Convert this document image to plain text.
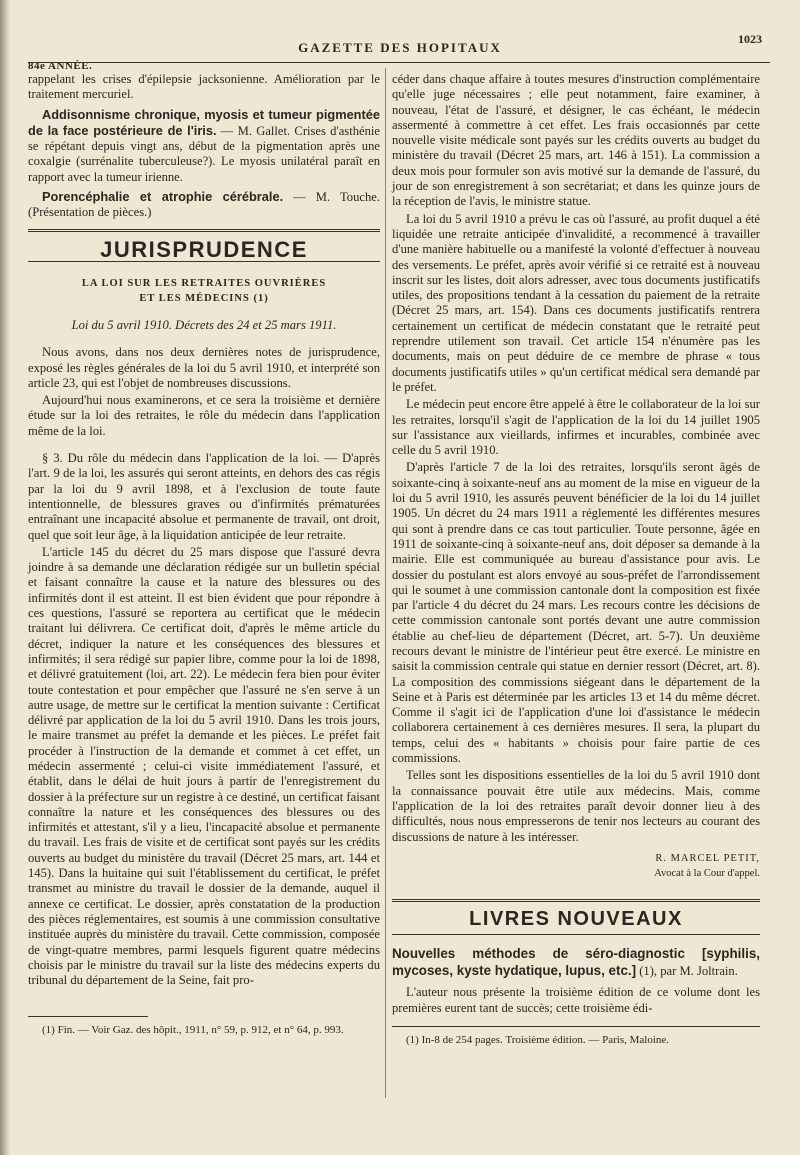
84e ANNÉE.
GAZETTE DES HOPITAUX
1023

rappelant les crises d'épilepsie jacksonienne. Amélioration par le traitement mercuriel.

Addisonnisme chronique, myosis et tumeur pigmentée de la face postérieure de l'iris. — M. Gallet. Crises d'asthénie se répétant depuis vingt ans, début de la pigmentation après une coxalgie (surrénalite tuberculeuse?). Le myosis unilatéral paraît en rapport avec la tumeur irienne.

Porencéphalie et atrophie cérébrale. — M. Touche. (Présentation de pièces.)

JURISPRUDENCE
LA LOI SUR LES RETRAITES OUVRIÈRES
ET LES MÉDECINS (1)
Loi du 5 avril 1910. Décrets des 24 et 25 mars 1911.

Nous avons, dans nos deux dernières notes de jurisprudence, exposé les règles générales de la loi du 5 avril 1910, et interprété son article 23, qui est l'objet de nombreuses discussions.

Aujourd'hui nous examinerons, et ce sera la troisième et dernière étude sur la loi des retraites, le rôle du médecin dans l'application même de la loi.

§ 3. Du rôle du médecin dans l'application de la loi. — D'après l'art. 9 de la loi, les assurés qui seront atteints, en dehors des cas régis par la loi du 9 avril 1898, et à l'exclusion de toute faute intentionnelle, de blessures graves ou d'infirmités prématurées entraînant une incapacité absolue et permanente de travail, ont droit, quel que soit leur âge, à la liquidation anticipée de leur retraite.

L'article 145 du décret du 25 mars dispose que l'assuré devra joindre à sa demande une déclaration rédigée sur un bulletin spécial et faisant connaître la cause et la nature des blessures ou des infirmités dont il est atteint. Il est bien évident que pour répondre à ces questions, l'assuré se reportera au certificat que le médecin traitant lui délivrera. Ce certificat doit, d'après le même article du décret, indiquer la nature et les conséquences des blessures et infirmités; il sera rédigé sur papier libre, comme pour la loi de 1898, et délivré gratuitement (loi, art. 22). Le médecin fera bien pour éviter toute contestation et pour empêcher que l'assuré ne s'en serve à un autre usage, de mettre sur le certificat la mention suivante : Certificat délivré par application de la loi du 5 avril 1910. Dans les trois jours, le maire transmet au préfet la demande et les pièces. Le préfet fait procéder à l'instruction de la demande et commet à cet effet, un médecin assermenté ; celui-ci visite immédiatement l'assuré, et établit, dans le délai de huit jours à partir de l'enregistrement du dossier à la préfecture sur un registre à ce destiné, un certificat faisant connaître la nature et les conséquences des blessures ou des infirmités et attestant, s'il y a lieu, l'incapacité absolue et permanente du travail. Les frais de visite et de certificat sont payés sur les crédits ouverts au budget du ministère du travail (Décret 25 mars, art. 144 et 145). Dans la huitaine qui suit l'établissement du certificat, le préfet transmet au ministre du travail le dossier de la demande, auquel il annexe ce certificat. Le dossier, après constatation de la production des pièces réglementaires, est soumis à une commission consultative instituée auprès du ministère du travail. Cette commission, composée de vingt-quatre membres, parmi lesquels figurent quatre médecins choisis par le ministre du travail sur la liste des médecins experts du tribunal du département de la Seine, fait pro-

(1) Fin. — Voir Gaz. des hôpit., 1911, n° 59, p. 912, et n° 64, p. 993.

céder dans chaque affaire à toutes mesures d'instruction complémentaire qu'elle juge nécessaires ; elle peut notamment, faire examiner, à nouveau, l'état de l'assuré, et désigner, le cas échéant, le médecin assermenté à commettre à cet effet. Les frais occasionnés par cette nouvelle visite médicale sont payés sur les crédits ouverts au budget du ministère du travail (Décret 25 mars, art. 146 à 151). La commission a deux mois pour formuler son avis motivé sur la demande de l'assuré, du jour de son enregistrement à son secrétariat; et dans les quinze jours de la réception de l'avis, le ministre statue.

La loi du 5 avril 1910 a prévu le cas où l'assuré, au profit duquel a été liquidée une retraite anticipée d'invalidité, a recommencé à travailler d'une manière habituelle ou a manifesté la volonté d'effectuer à nouveau des versements. Le préfet, après avoir vérifié si ce retraité est à nouveau inscrit sur les listes, doit alors adresser, avec tous documents justificatifs utiles, des propositions tendant à la cessation du paiement de la retraite (Décret 25 mars, art. 154). Dans ces documents justificatifs rentrera certainement un certificat de médecin constatant que le retraité peut reprendre utilement son travail. Cet article 154 n'énumère pas les documents, mais on peut déduire de ce membre de phrase « tous documents justificatifs utiles » qu'un certificat médical sera demandé par le préfet.

Le médecin peut encore être appelé à être le collaborateur de la loi sur les retraites, lorsqu'il s'agit de l'application de la loi du 14 juillet 1905 sur l'assistance aux vieillards, infirmes et incurables, combinée avec celle du 5 avril 1910.

D'après l'article 7 de la loi des retraites, lorsqu'ils seront âgés de soixante-cinq à soixante-neuf ans au moment de la mise en vigueur de la loi du 5 avril 1910, les assurés peuvent bénéficier de la loi du 14 juillet 1905. Un décret du 24 mars 1911 a réglementé les différentes mesures qui sont à prendre dans ce cas tout particulier. Toute personne, âgée en 1911 de soixante-cinq à soixante-neuf ans, doit déposer sa demande à la mairie. Elle est communiquée au bureau d'assistance pour avis. Le dossier du postulant est alors envoyé au sous-préfet de l'arrondissement qui le soumet à une commission cantonale dont la composition est fixée par l'article 4 du décret du 24 mars. Les recours contre les décisions de cette commission cantonale sont portés devant une autre commission établie au chef-lieu de département (Décret, art. 5-7). Un deuxième recours devant le ministre de l'intérieur peut être exercé. Le ministre en saisit la commission centrale qui statue en dernier ressort (Décret, art. 8). La composition des commissions siégeant dans le département de la Seine et à Paris est déterminée par les articles 13 et 14 du même décret. Comme il s'agit ici de l'application d'une loi d'assistance le médecin collaborera certainement à ces dernières mesures. Il sera, la plupart du temps, celui des « habitants » choisis pour faire partie de ces commissions.

Telles sont les dispositions essentielles de la loi du 5 avril 1910 dont la connaissance pouvait être utile aux médecins. Mais, comme l'application de la loi des retraites paraît devoir donner lieu à des difficultés, nous nous empresserons de tenir nos lecteurs au courant des discussions de nature à les intéresser.

R. MARCEL PETIT,
Avocat à la Cour d'appel.
LIVRES NOUVEAUX

Nouvelles méthodes de séro-diagnostic [syphilis, mycoses, kyste hydatique, lupus, etc.] (1), par M. Joltrain.

L'auteur nous présente la troisième édition de ce volume dont les premières eurent tant de succès; cette troisième édi-

(1) In-8 de 254 pages. Troisième édition. — Paris, Maloine.
